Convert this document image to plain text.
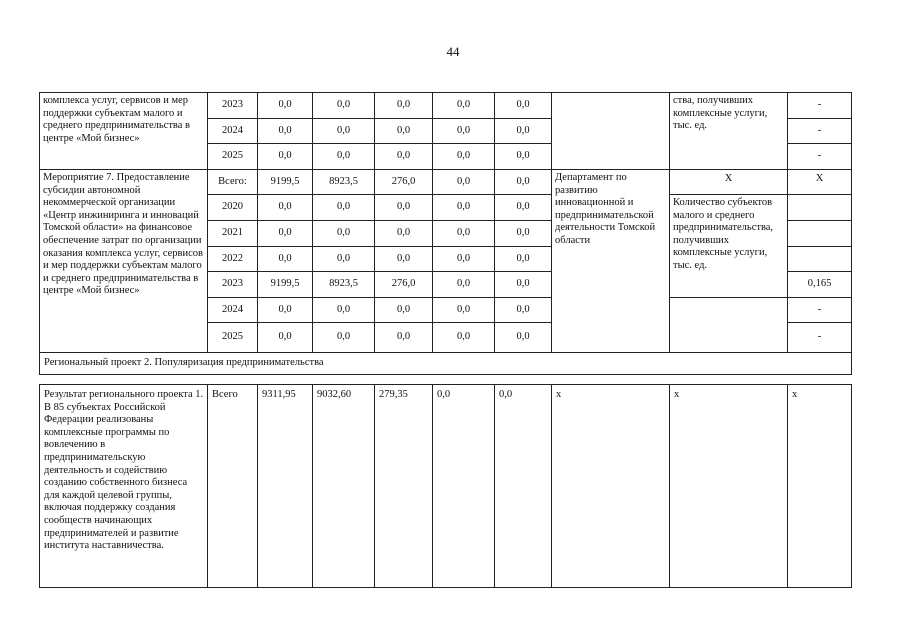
44
комплекса услуг, сервисов и мер поддержки субъектам малого и среднего предпринимательства в центре «Мой бизнес»	2023	0,0	0,0	0,0	0,0	0,0		ства, получивших комплексные услуги, тыс. ед.	-
	2024	0,0	0,0	0,0	0,0	0,0			-
	2025	0,0	0,0	0,0	0,0	0,0			-
Мероприятие 7. Предоставление субсидии автономной некоммерческой организации «Центр инжиниринга и инноваций Томской области» на финансовое обеспечение затрат по организации оказания комплекса услуг, сервисов и мер поддержки субъектам малого и среднего предпринимательства в центре «Мой бизнес»	Всего:	9199,5	8923,5	276,0	0,0	0,0	Департамент по развитию инновационной и предпринимательской деятельности Томской области	Х	Х
	2020	0,0	0,0	0,0	0,0	0,0		Количество субъектов малого и среднего предпринимательства, получивших комплексные услуги, тыс. ед.	
	2021	0,0	0,0	0,0	0,0	0,0			
	2022	0,0	0,0	0,0	0,0	0,0			
	2023	9199,5	8923,5	276,0	0,0	0,0			0,165
	2024	0,0	0,0	0,0	0,0	0,0			-
	2025	0,0	0,0	0,0	0,0	0,0			-
Региональный проект 2. Популяризация предпринимательства									
Результат регионального проекта 1.
В 85 субъектах Российской Федерации реализованы комплексные программы по вовлечению в предпринимательскую деятельность и содействию созданию собственного бизнеса для каждой целевой группы, включая поддержку создания сообществ начинающих предпринимателей и развитие института наставничества.	Всего	9311,95	9032,60	279,35	0,0	0,0	х	х	х
